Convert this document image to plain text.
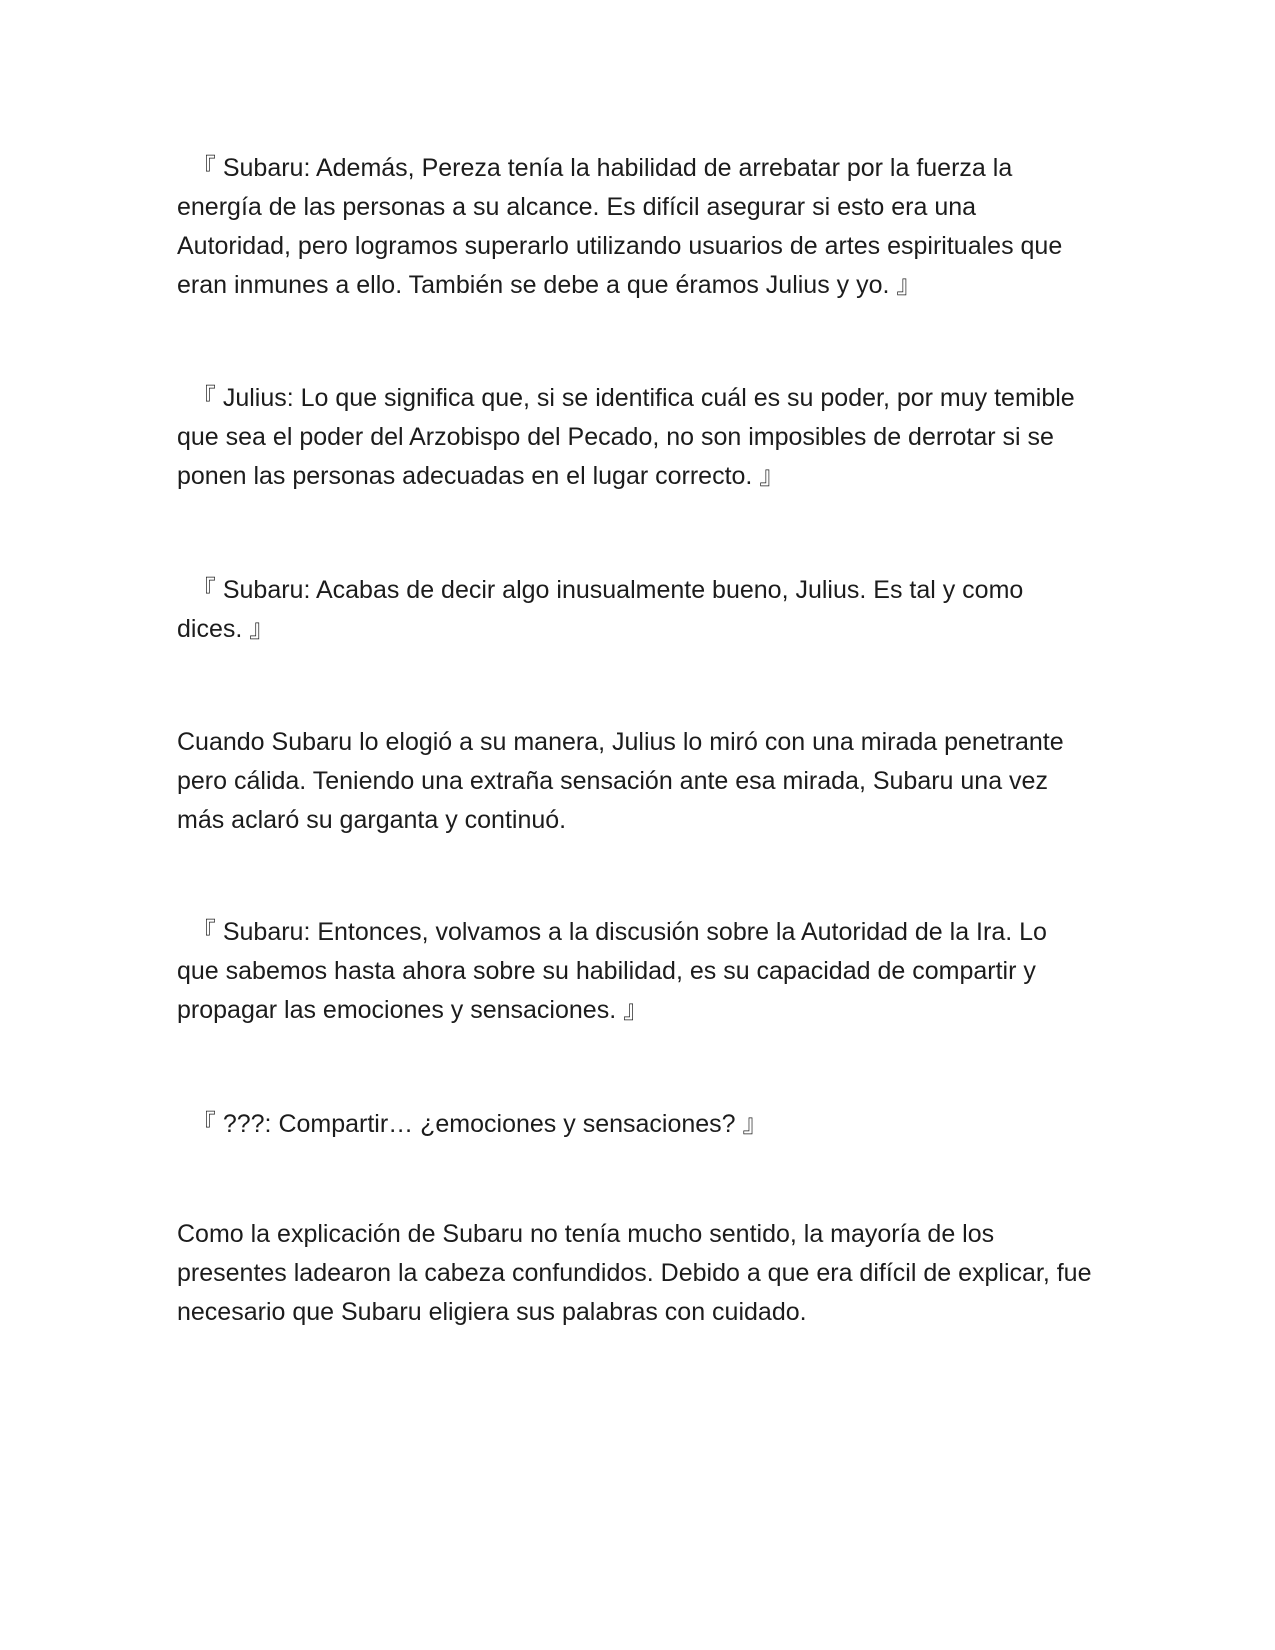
『 Subaru: Además, Pereza tenía la habilidad de arrebatar por la fuerza la energía de las personas a su alcance. Es difícil asegurar si esto era una Autoridad, pero logramos superarlo utilizando usuarios de artes espirituales que eran inmunes a ello. También se debe a que éramos Julius y yo. 』

『 Julius: Lo que significa que, si se identifica cuál es su poder, por muy temible que sea el poder del Arzobispo del Pecado, no son imposibles de derrotar si se ponen las personas adecuadas en el lugar correcto. 』

『 Subaru: Acabas de decir algo inusualmente bueno, Julius. Es tal y como dices. 』

Cuando Subaru lo elogió a su manera, Julius lo miró con una mirada penetrante pero cálida. Teniendo una extraña sensación ante esa mirada, Subaru una vez más aclaró su garganta y continuó.

『 Subaru: Entonces, volvamos a la discusión sobre la Autoridad de la Ira. Lo que sabemos hasta ahora sobre su habilidad, es su capacidad de compartir y propagar las emociones y sensaciones. 』

『 ???: Compartir… ¿emociones y sensaciones? 』

Como la explicación de Subaru no tenía mucho sentido, la mayoría de los presentes ladearon la cabeza confundidos. Debido a que era difícil de explicar, fue necesario que Subaru eligiera sus palabras con cuidado.
